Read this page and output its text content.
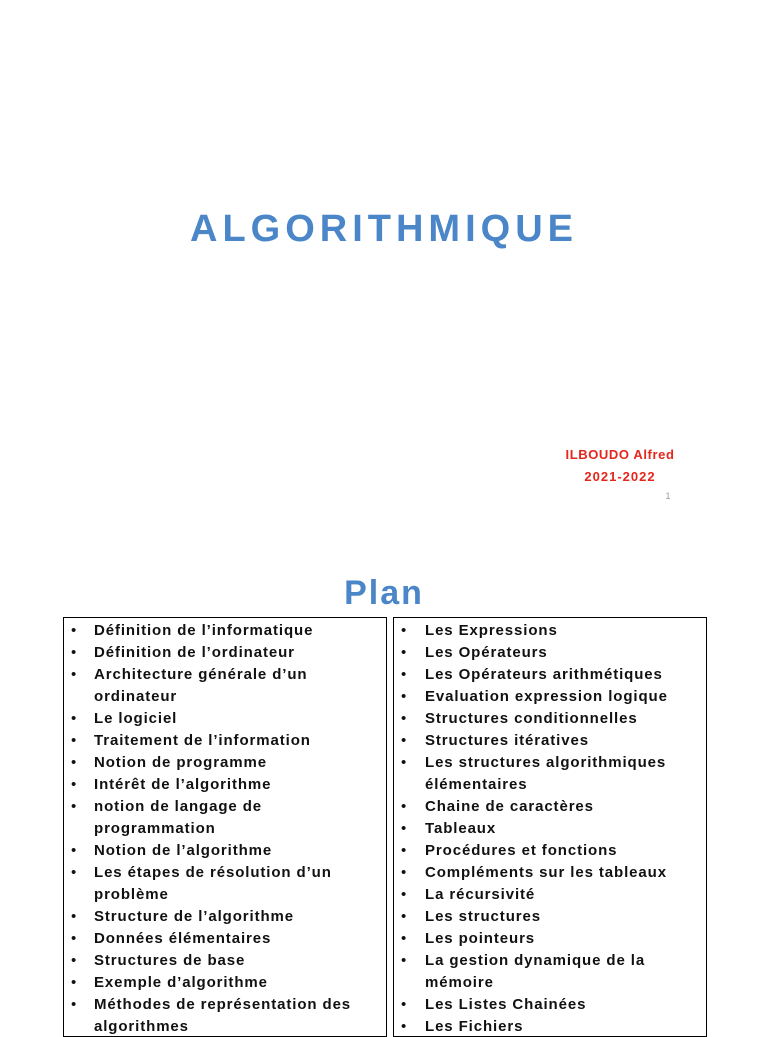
ALGORITHMIQUE
ILBOUDO Alfred
2021-2022
1
Plan
• Définition de l’informatique
• Définition de l’ordinateur
• Architecture générale d’un ordinateur
• Le logiciel
• Traitement de l’information
• Notion de programme
• Intérêt de l’algorithme
• notion de langage de programmation
• Notion de l’algorithme
• Les étapes de résolution d’un problème
• Structure de l’algorithme
• Données élémentaires
• Structures de base
• Exemple d’algorithme
• Méthodes de représentation des algorithmes
• Les Expressions
• Les Opérateurs
• Les Opérateurs arithmétiques
• Evaluation expression logique
• Structures conditionnelles
• Structures itératives
• Les structures algorithmiques élémentaires
• Chaine de caractères
• Tableaux
• Procédures et fonctions
• Compléments sur les tableaux
• La récursivité
• Les structures
• Les pointeurs
• La gestion dynamique de la mémoire
• Les Listes Chainées
• Les Fichiers
